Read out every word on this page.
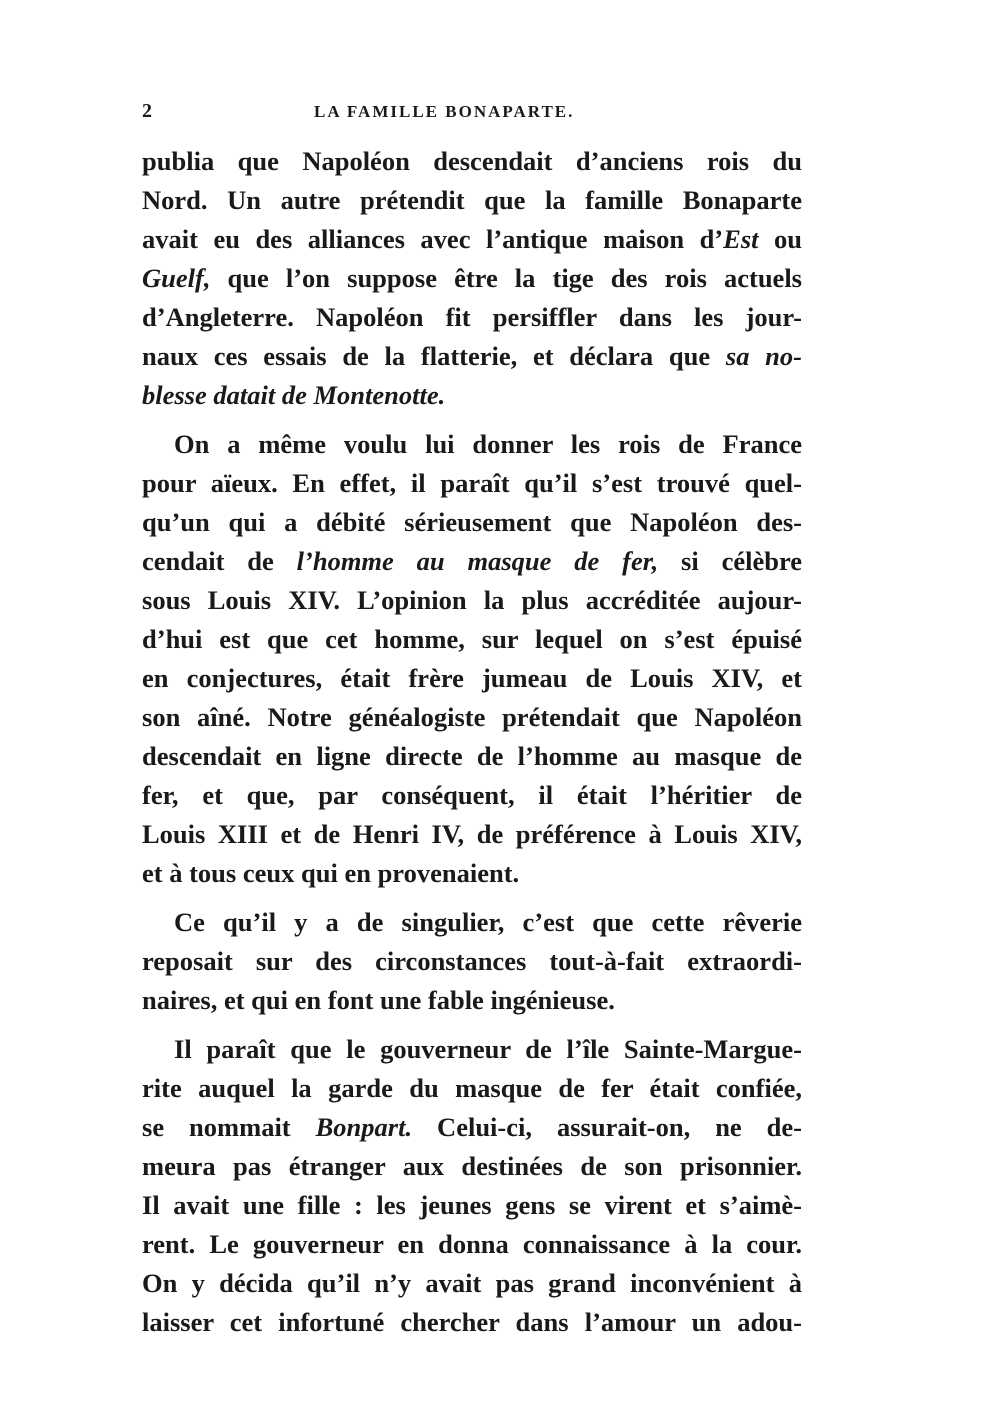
2	LA FAMILLE BONAPARTE.
publia que Napoléon descendait d’anciens rois du
Nord. Un autre prétendit que la famille Bonaparte
avait eu des alliances avec l’antique maison d’Est ou
Guelf, que l’on suppose être la tige des rois actuels
d’Angleterre. Napoléon fit persiffler dans les jour-
naux ces essais de la flatterie, et déclara que sa no-
blesse datait de Montenotte.
On a même voulu lui donner les rois de France
pour aïeux. En effet, il paraît qu’il s’est trouvé quel-
qu’un qui a débité sérieusement que Napoléon des-
cendait de l’homme au masque de fer, si célèbre
sous Louis XIV. L’opinion la plus accréditée aujour-
d’hui est que cet homme, sur lequel on s’est épuisé
en conjectures, était frère jumeau de Louis XIV, et
son aîné. Notre généalogiste prétendait que Napoléon
descendait en ligne directe de l’homme au masque de
fer, et que, par conséquent, il était l’héritier de
Louis XIII et de Henri IV, de préférence à Louis XIV,
et à tous ceux qui en provenaient.
Ce qu’il y a de singulier, c’est que cette rêverie
reposait sur des circonstances tout-à-fait extraordi-
naires, et qui en font une fable ingénieuse.
Il paraît que le gouverneur de l’île Sainte-Margue-
rite auquel la garde du masque de fer était confiée,
se nommait Bonpart. Celui-ci, assurait-on, ne de-
meura pas étranger aux destinées de son prisonnier.
Il avait une fille : les jeunes gens se virent et s’aimè-
rent. Le gouverneur en donna connaissance à la cour.
On y décida qu’il n’y avait pas grand inconvénient à
laisser cet infortuné chercher dans l’amour un adou-
